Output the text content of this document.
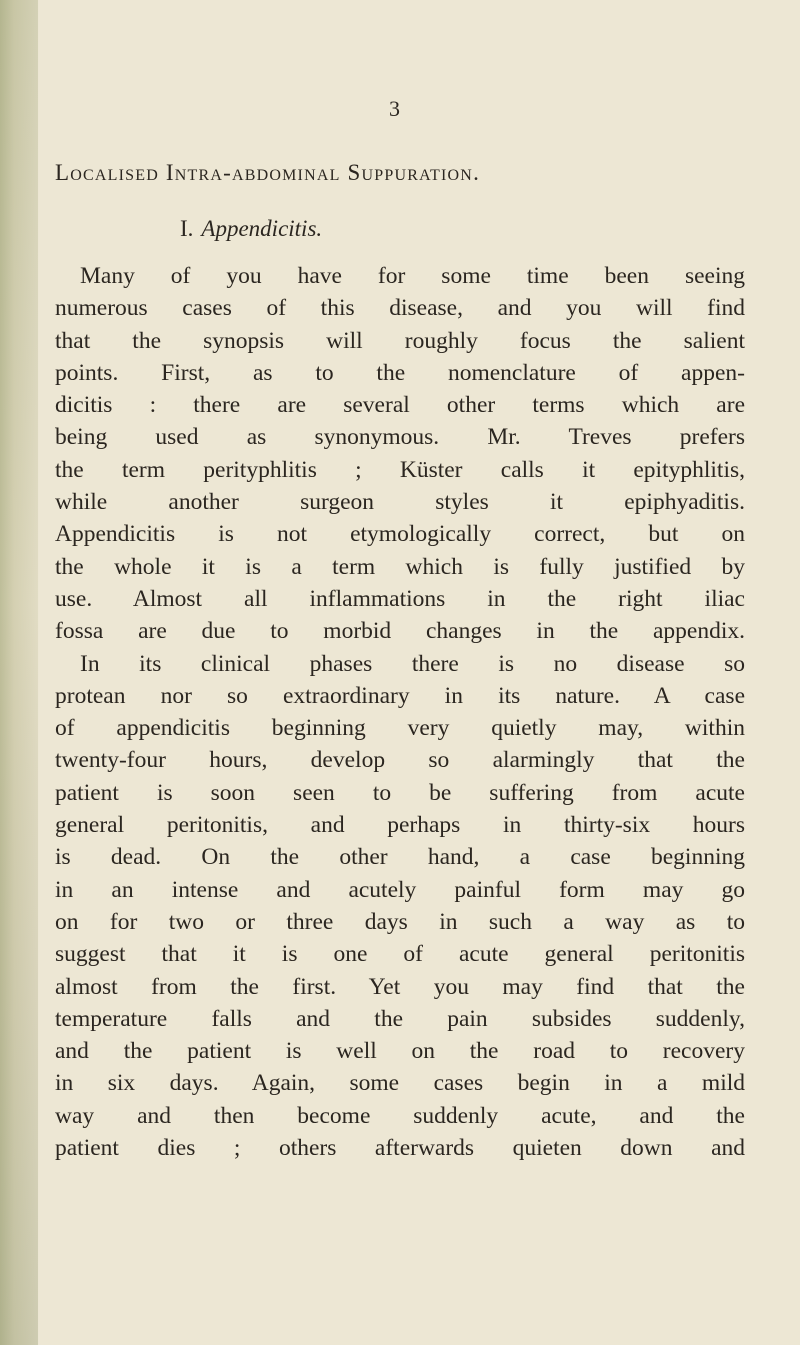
3
Localised Intra-abdominal Suppuration.
I. Appendicitis.
Many of you have for some time been seeing
numerous cases of this disease, and you will find
that the synopsis will roughly focus the salient
points. First, as to the nomenclature of appen-
dicitis : there are several other terms which are
being used as synonymous. Mr. Treves prefers
the term perityphlitis ; Küster calls it epityphlitis,
while another surgeon styles it epiphyaditis.
Appendicitis is not etymologically correct, but on
the whole it is a term which is fully justified by
use. Almost all inflammations in the right iliac
fossa are due to morbid changes in the appendix.
In its clinical phases there is no disease so
protean nor so extraordinary in its nature. A case
of appendicitis beginning very quietly may, within
twenty-four hours, develop so alarmingly that the
patient is soon seen to be suffering from acute
general peritonitis, and perhaps in thirty-six hours
is dead. On the other hand, a case beginning
in an intense and acutely painful form may go
on for two or three days in such a way as to
suggest that it is one of acute general peritonitis
almost from the first. Yet you may find that the
temperature falls and the pain subsides suddenly,
and the patient is well on the road to recovery
in six days. Again, some cases begin in a mild
way and then become suddenly acute, and the
patient dies ; others afterwards quieten down and
